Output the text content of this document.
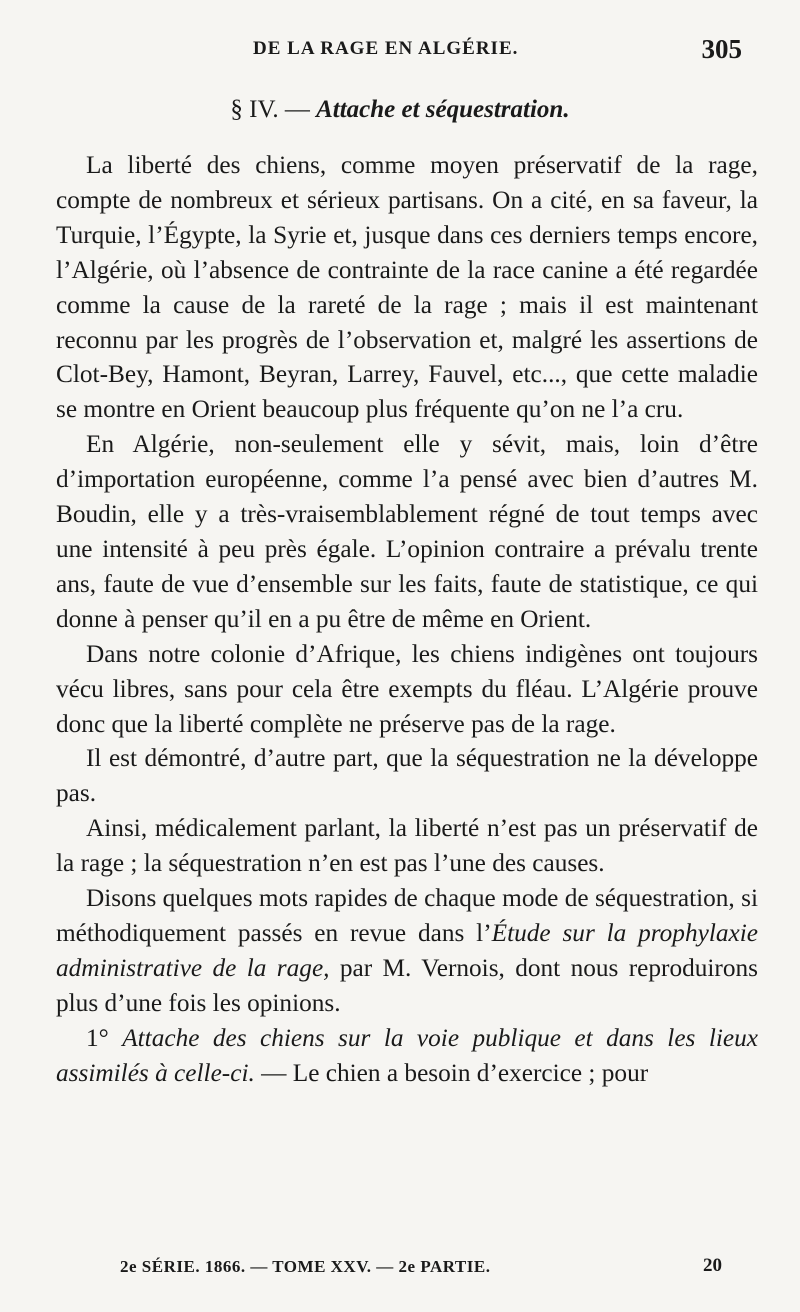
DE LA RAGE EN ALGÉRIE.	305
§ IV. — Attache et séquestration.

La liberté des chiens, comme moyen préservatif de la rage, compte de nombreux et sérieux partisans. On a cité, en sa faveur, la Turquie, l’Égypte, la Syrie et, jusque dans ces derniers temps encore, l’Algérie, où l’absence de contrainte de la race canine a été regardée comme la cause de la rareté de la rage ; mais il est maintenant reconnu par les progrès de l’observation et, malgré les assertions de Clot-Bey, Hamont, Beyran, Larrey, Fauvel, etc..., que cette maladie se montre en Orient beaucoup plus fréquente qu’on ne l’a cru.

En Algérie, non-seulement elle y sévit, mais, loin d’être d’importation européenne, comme l’a pensé avec bien d’autres M. Boudin, elle y a très-vraisemblablement régné de tout temps avec une intensité à peu près égale. L’opinion contraire a prévalu trente ans, faute de vue d’ensemble sur les faits, faute de statistique, ce qui donne à penser qu’il en a pu être de même en Orient.

Dans notre colonie d’Afrique, les chiens indigènes ont toujours vécu libres, sans pour cela être exempts du fléau. L’Algérie prouve donc que la liberté complète ne préserve pas de la rage.

Il est démontré, d’autre part, que la séquestration ne la développe pas.

Ainsi, médicalement parlant, la liberté n’est pas un préservatif de la rage ; la séquestration n’en est pas l’une des causes.

Disons quelques mots rapides de chaque mode de séquestration, si méthodiquement passés en revue dans l’Étude sur la prophylaxie administrative de la rage, par M. Vernois, dont nous reproduirons plus d’une fois les opinions.

1° Attache des chiens sur la voie publique et dans les lieux assimilés à celle-ci. — Le chien a besoin d’exercice ; pour

2e SÉRIE. 1866. — TOME XXV. — 2e PARTIE.	20
